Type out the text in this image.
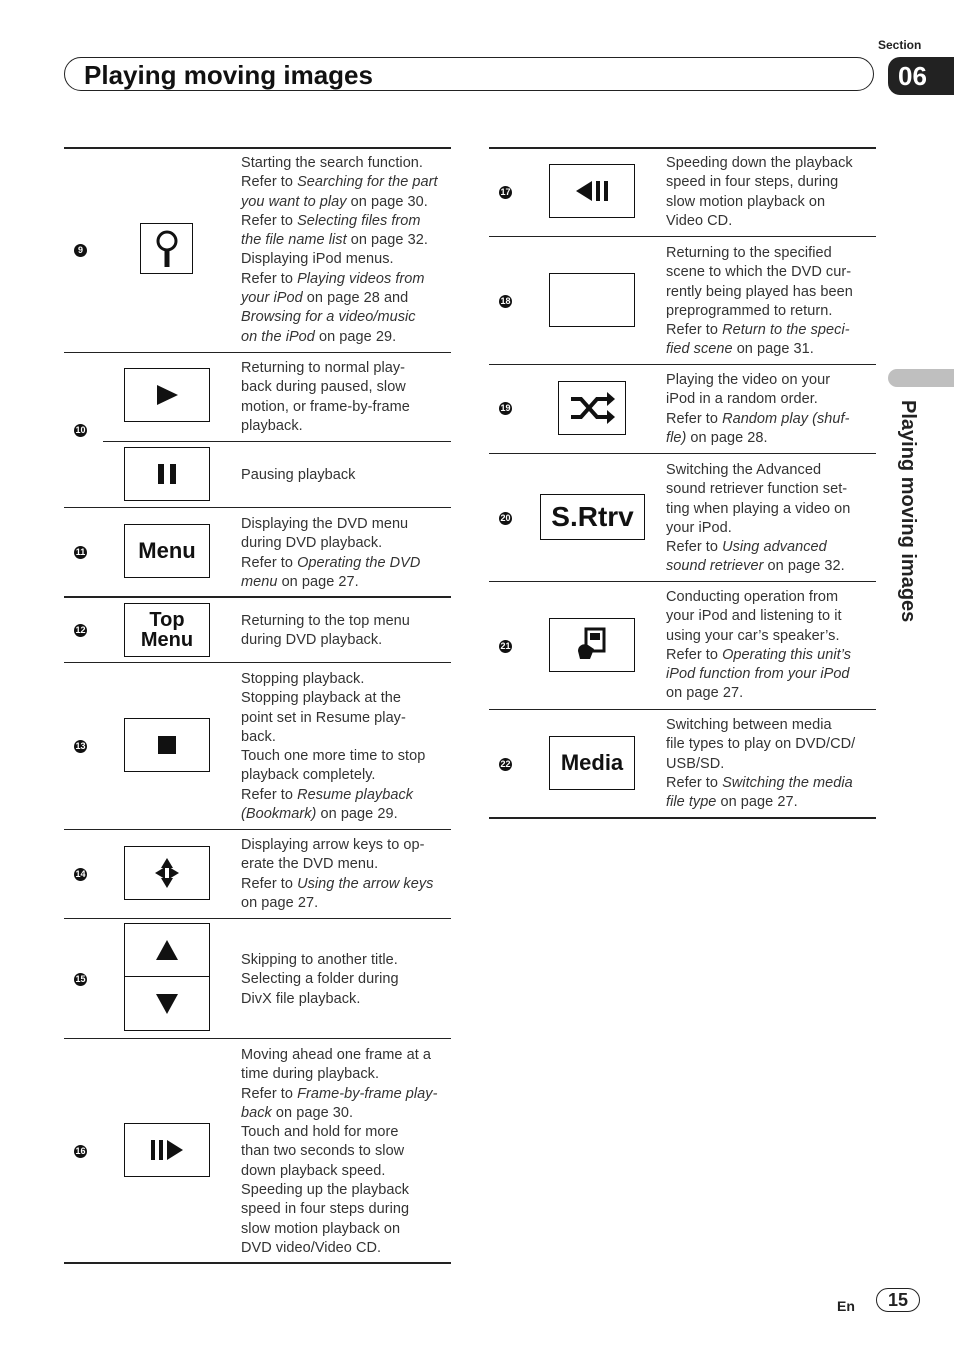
Section
06
Playing moving images
Playing moving images
9
10
11
12
13
14
15
16
Menu
Top
Menu
Starting the search function.
Refer to Searching for the part
you want to play on page 30.
Refer to Selecting files from
the file name list on page 32.
Displaying iPod menus.
Refer to Playing videos from
your iPod on page 28 and
Browsing for a video/music
on the iPod on page 29.
Returning to normal play-
back during paused, slow
motion, or frame-by-frame
playback.
Pausing playback
Displaying the DVD menu
during DVD playback.
Refer to Operating the DVD
menu on page 27.
Returning to the top menu
during DVD playback.
Stopping playback.
Stopping playback at the
point set in Resume play-
back.
Touch one more time to stop
playback completely.
Refer to Resume playback
(Bookmark) on page 29.
Displaying arrow keys to op-
erate the DVD menu.
Refer to Using the arrow keys
on page 27.
Skipping to another title.
Selecting a folder during
DivX file playback.
Moving ahead one frame at a
time during playback.
Refer to Frame-by-frame play-
back on page 30.
Touch and hold for more
than two seconds to slow
down playback speed.
Speeding up the playback
speed in four steps during
slow motion playback on
DVD video/Video CD.
17
18
19
20
21
22
S.Rtrv
Media
Speeding down the playback
speed in four steps, during
slow motion playback on
Video CD.
Returning to the specified
scene to which the DVD cur-
rently being played has been
preprogrammed to return.
Refer to Return to the speci-
fied scene on page 31.
Playing the video on your
iPod in a random order.
Refer to Random play (shuf-
fle) on page 28.
Switching the Advanced
sound retriever function set-
ting when playing a video on
your iPod.
Refer to Using advanced
sound retriever on page 32.
Conducting operation from
your iPod and listening to it
using your car’s speaker’s.
Refer to Operating this unit’s
iPod function from your iPod
on page 27.
Switching between media
file types to play on DVD/CD/
USB/SD.
Refer to Switching the media
file type on page 27.
En	15
